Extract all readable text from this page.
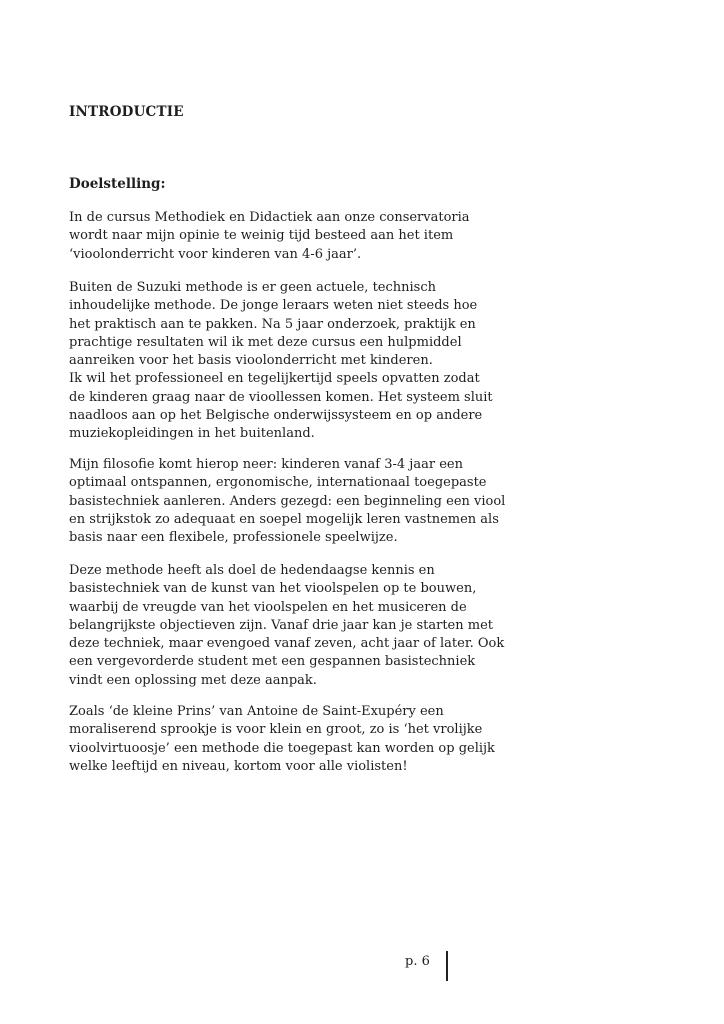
INTRODUCTIE
Doelstelling:

In de cursus Methodiek en Didactiek aan onze conservatoria
wordt naar mijn opinie te weinig tijd besteed aan het item
‘vioolonderricht voor kinderen van 4-6 jaar’.

Buiten de Suzuki methode is er geen actuele, technisch
inhoudelijke methode. De jonge leraars weten niet steeds hoe
het praktisch aan te pakken. Na 5 jaar onderzoek, praktijk en
prachtige resultaten wil ik met deze cursus een hulpmiddel
aanreiken voor het basis vioolonderricht met kinderen.
Ik wil het professioneel en tegelijkertijd speels opvatten zodat
de kinderen graag naar de vioollessen komen. Het systeem sluit
naadloos aan op het Belgische onderwijssysteem en op andere
muziekopleidingen in het buitenland.

Mijn filosofie komt hierop neer: kinderen vanaf 3-4 jaar een
optimaal ontspannen, ergonomische, internationaal toegepaste
basistechniek aanleren. Anders gezegd: een beginneling een viool
en strijkstok zo adequaat en soepel mogelijk leren vastnemen als
basis naar een flexibele, professionele speelwijze.

Deze methode heeft als doel de hedendaagse kennis en
basistechniek van de kunst van het vioolspelen op te bouwen,
waarbij de vreugde van het vioolspelen en het musiceren de
belangrijkste objectieven zijn. Vanaf drie jaar kan je starten met
deze techniek, maar evengoed vanaf zeven, acht jaar of later. Ook
een vergevorderde student met een gespannen basistechniek
vindt een oplossing met deze aanpak.

Zoals ‘de kleine Prins’ van Antoine de Saint-Exupéry een
moraliserend sprookje is voor klein en groot, zo is ‘het vrolijke
vioolvirtuoosje’ een methode die toegepast kan worden op gelijk
welke leeftijd en niveau, kortom voor alle violisten!

p. 6
